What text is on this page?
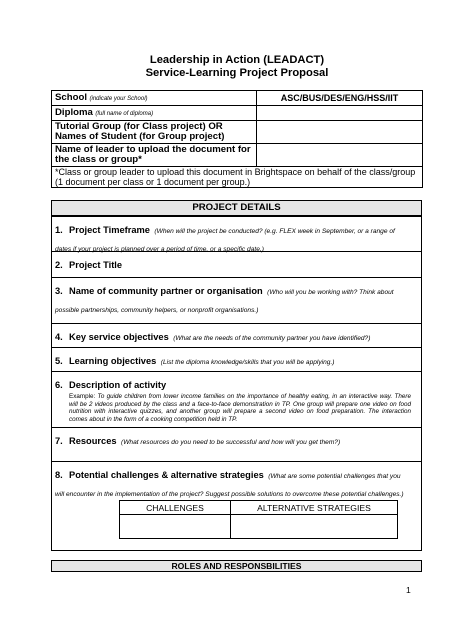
Leadership in Action (LEADACT)
Service-Learning Project Proposal
School (indicate your School)	ASC/BUS/DES/ENG/HSS/IIT
Diploma (full name of diploma)	

Tutorial Group (for Class project) OR
Names of Student (for Group project)	

Name of leader to upload the document for
the class or group*	

*Class or group leader to upload this document in Brightspace on behalf of the class/group (1 document per class or 1 document per group.)	
PROJECT DETAILS
1. Project Timeframe (When will the project be conducted? (e.g. FLEX week in September, or a range of dates if your project is planned over a period of time, or a specific date.)
2. Project Title
3. Name of community partner or organisation (Who will you be working with? Think about possible partnerships, community helpers, or nonprofit organisations.)
4. Key service objectives (What are the needs of the community partner you have identified?)
5. Learning objectives (List the diploma knowledge/skills that you will be applying.)
6. Description of activity
Example: To guide children from lower income families on the importance of healthy eating, in an interactive way. There will be 2 videos produced by the class and a face-to-face demonstration in TP. One group will prepare one video on food nutrition with interactive quizzes, and another group will prepare a second video on food preparation. The interaction comes about in the form of a cooking competition held in TP.
7. Resources (What resources do you need to be successful and how will you get them?)
8. Potential challenges & alternative strategies (What are some potential challenges that you will encounter in the implementation of the project? Suggest possible solutions to overcome these potential challenges.)
CHALLENGES	ALTERNATIVE STRATEGIES

ROLES AND RESPONSBILITIES
1
